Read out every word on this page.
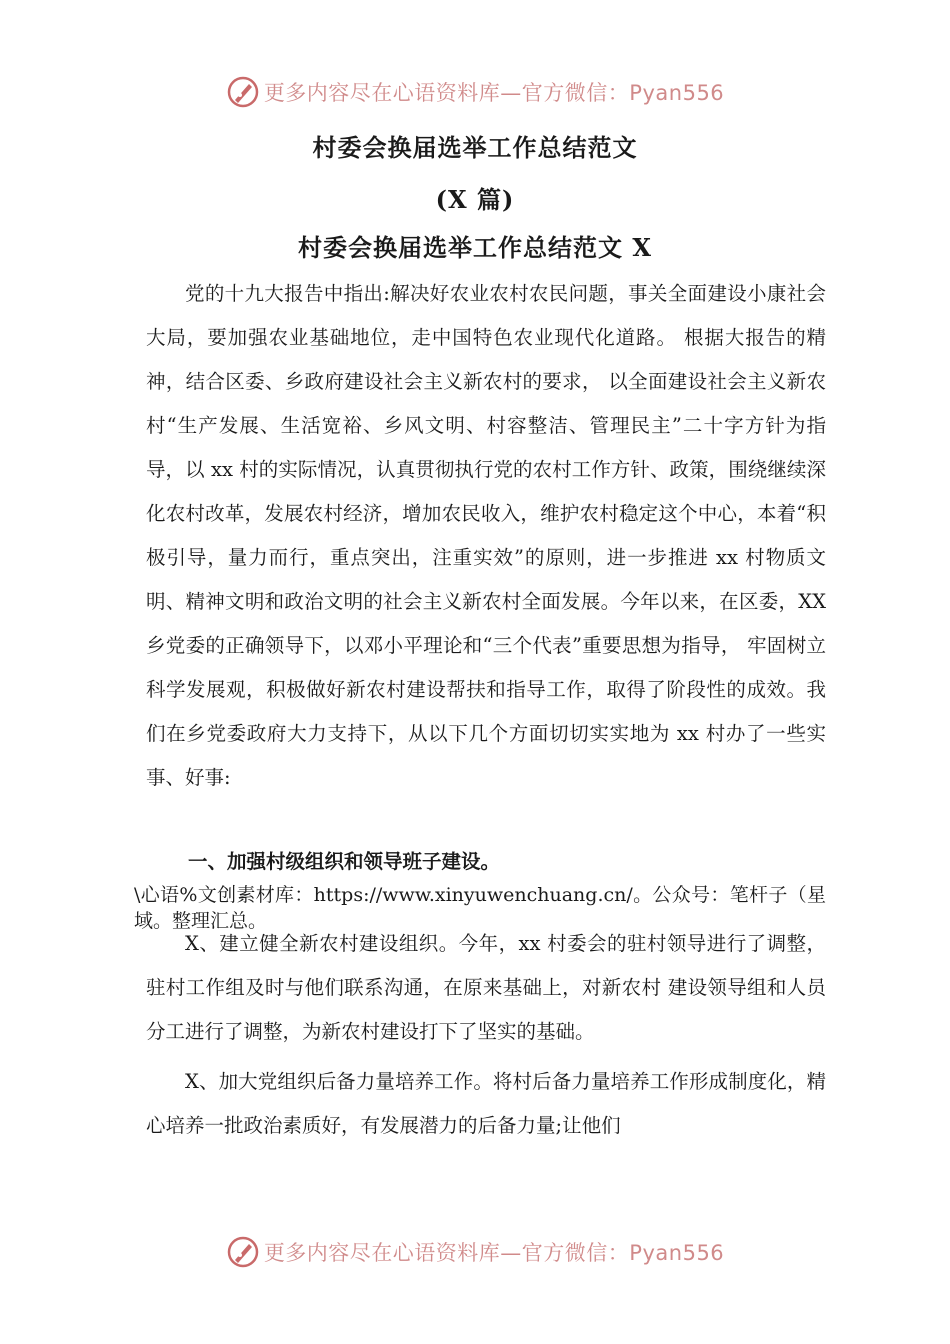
更多内容尽在心语资料库—官方微信：Pyan556
村委会换届选举工作总结范文
(X 篇)
村委会换届选举工作总结范文 X

党的十九大报告中指出:解决好农业农村农民问题，事关全面建设小康社会大局，要加强农业基础地位，走中国特色农业现代化道路。 根据大报告的精神，结合区委、乡政府建设社会主义新农村的要求， 以全面建设社会主义新农村“生产发展、生活宽裕、乡风文明、村容整洁、管理民主”二十字方针为指导，以 xx 村的实际情况，认真贯彻执行党的农村工作方针、政策，围绕继续深化农村改革，发展农村经济，增加农民收入，维护农村稳定这个中心，本着“积极引导，量力而行，重点突出，注重实效”的原则，进一步推进 xx 村物质文明、精神文明和政治文明的社会主义新农村全面发展。今年以来，在区委，XX 乡党委的正确领导下，以邓小平理论和“三个代表”重要思想为指导， 牢固树立科学发展观，积极做好新农村建设帮扶和指导工作，取得了阶段性的成效。我们在乡党委政府大力支持下，从以下几个方面切切实实地为 xx 村办了一些实事、好事:

一、加强村级组织和领导班子建设。

\心语%文创素材库：https://www.xinyuwenchuang.cn/。公众号：笔杆子（星域。整理汇总。

X、建立健全新农村建设组织。今年，xx 村委会的驻村领导进行了调整，驻村工作组及时与他们联系沟通，在原来基础上，对新农村 建设领导组和人员分工进行了调整，为新农村建设打下了坚实的基础。

X、加大党组织后备力量培养工作。将村后备力量培养工作形成制度化，精心培养一批政治素质好，有发展潜力的后备力量;让他们

更多内容尽在心语资料库—官方微信：Pyan556
